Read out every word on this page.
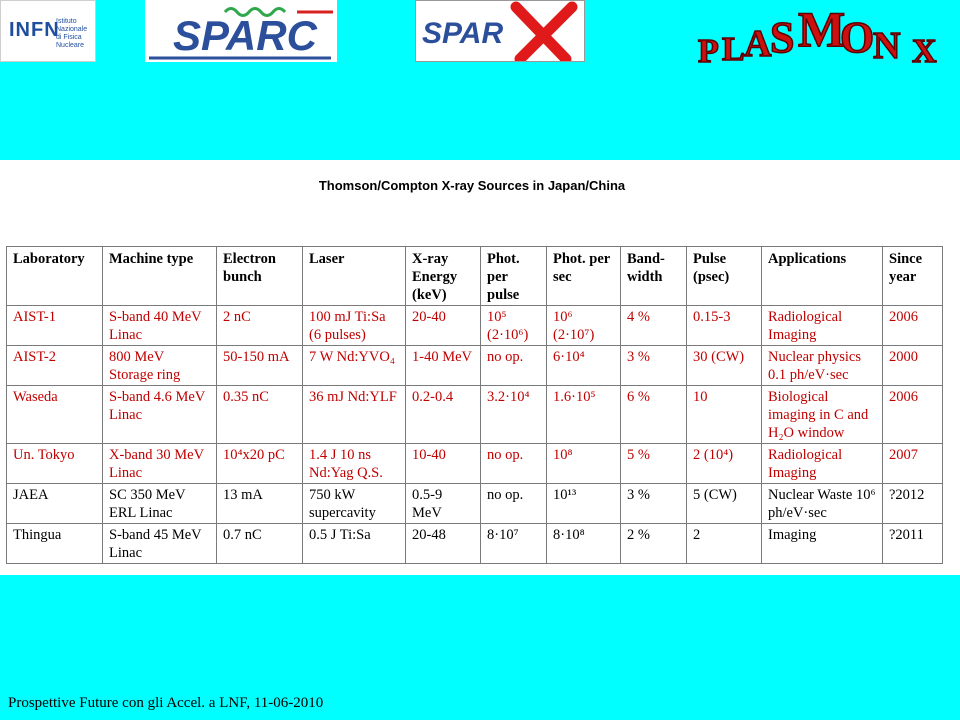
INFN
Istituto Nazionale
di Fisica Nucleare SPARC	SPAR	P L A
S M
O
N X
Thomson/Compton X-ray Sources in Japan/China
Laboratory	Machine type	Electron bunch	Laser	X-ray Energy (keV)	Phot. per pulse	Phot. per sec	Band-width	Pulse (psec)	Applications	Since year
AIST-1	S-band 40 MeV Linac	2 nC	100 mJ Ti:Sa (6 pulses)	20-40	10⁵ (2·10⁶)	10⁶ (2·10⁷)	4 %	0.15-3	Radiological Imaging	2006
AIST-2	800 MeV Storage ring	50-150 mA	7 W Nd:YVO₄	1-40 MeV	no op.	6·10⁴	3 %	30 (CW)	Nuclear physics 0.1 ph/eV·sec	2000
Waseda	S-band 4.6 MeV Linac	0.35 nC	36 mJ Nd:YLF	0.2-0.4	3.2·10⁴	1.6·10⁵	6 %	10	Biological imaging in C and H₂O window	2006
Un. Tokyo	X-band 30 MeV Linac	10⁴x20 pC	1.4 J 10 ns Nd:Yag Q.S.	10-40	no op.	10⁸	5 %	2 (10⁴)	Radiological Imaging	2007
JAEA	SC 350 MeV ERL Linac	13 mA	750 kW supercavity	0.5-9 MeV	no op.	10¹³	3 %	5 (CW)	Nuclear Waste 10⁶ ph/eV·sec	?2012
Thingua	S-band 45 MeV Linac	0.7 nC	0.5 J Ti:Sa	20-48	8·10⁷	8·10⁸	2 %	2	Imaging	?2011
Prospettive Future con gli Accel. a LNF, 11-06-2010
